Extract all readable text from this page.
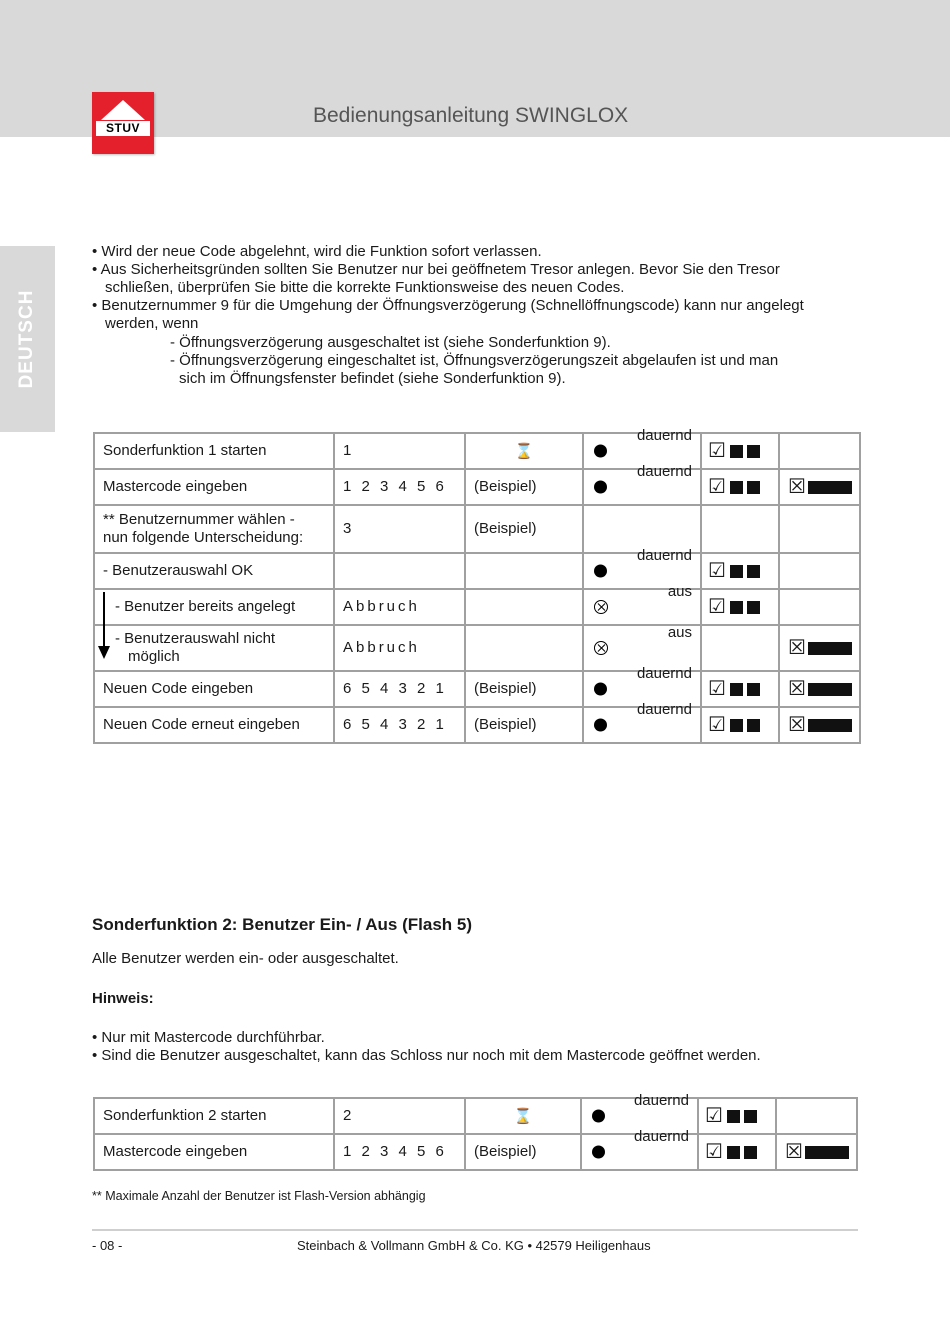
STUV
Bedienungsanleitung SWINGLOX
DEUTSCH
• Wird der neue Code abgelehnt, wird die Funktion sofort verlassen.
• Aus Sicherheitsgründen sollten Sie Benutzer nur bei geöffnetem Tresor anlegen. Bevor Sie den Tresor
schließen, überprüfen Sie bitte die korrekte Funktionsweise des neuen Codes.
• Benutzernummer 9 für die Umgehung der Öffnungsverzögerung (Schnellöffnungscode) kann nur angelegt
werden, wenn
- Öffnungsverzögerung ausgeschaltet ist (siehe Sonderfunktion 9).
- Öffnungsverzögerung eingeschaltet ist, Öffnungsverzögerungszeit abgelaufen ist und man
sich im Öffnungsfenster befindet (siehe Sonderfunktion 9).
Sonderfunktion 1 starten	1	⌛	dauernd	☑	

Mastercode eingeben	1 2 3 4 5 6	(Beispiel)	dauernd	☑	☒

** Benutzernummer wählen -
nun folgende Unterscheidung:	3	(Beispiel)			

- Benutzerauswahl OK			dauernd	☑	

- Benutzer bereits angelegt	Abbruch		aus	☑	

- Benutzerauswahl nicht
möglich	Abbruch		aus		☒

Neuen Code eingeben	6 5 4 3 2 1	(Beispiel)	dauernd	☑	☒

Neuen Code erneut eingeben	6 5 4 3 2 1	(Beispiel)	dauernd	☑	☒
Sonderfunktion 2: Benutzer Ein- / Aus (Flash 5)
Alle Benutzer werden ein- oder ausgeschaltet.
Hinweis:
• Nur mit Mastercode durchführbar.
• Sind die Benutzer ausgeschaltet, kann das Schloss nur noch mit dem Mastercode geöffnet werden.
Sonderfunktion 2 starten	2	⌛	dauernd	☑	

Mastercode eingeben	1 2 3 4 5 6	(Beispiel)	dauernd	☑	☒
** Maximale Anzahl der Benutzer ist Flash-Version abhängig
- 08 -	Steinbach & Vollmann GmbH & Co. KG • 42579 Heiligenhaus
